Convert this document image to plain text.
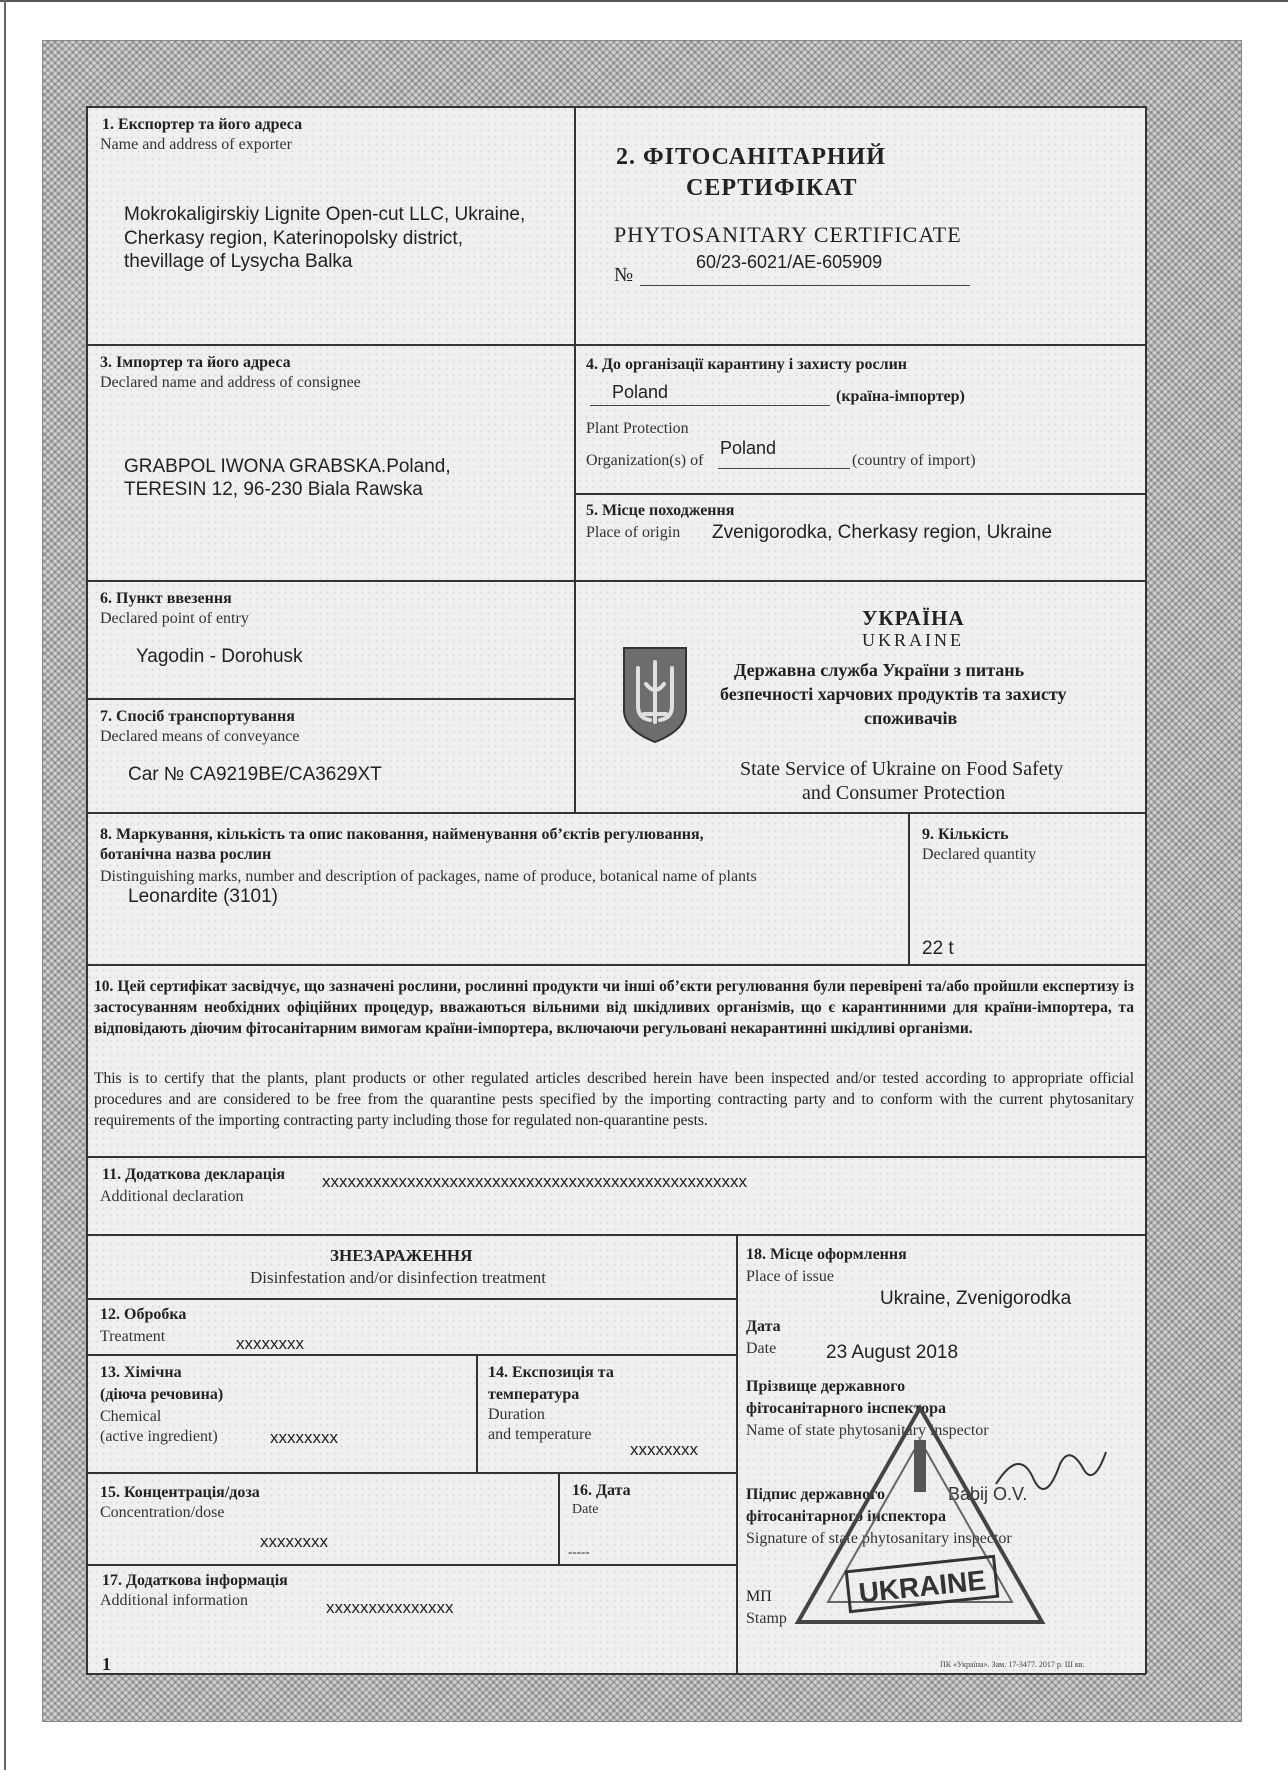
1. Експортер та його адреса
Name and address of exporter
Mokrokaligirskiy Lignite Open-cut LLC, Ukraine,
Cherkasy region, Katerinopolsky district,
thevillage of Lysycha Balka
2. ФІТОСАНІТАРНИЙ
СЕРТИФІКАТ
PHYTOSANITARY CERTIFICATE
№
60/23-6021/AE-605909
3. Імпортер та його адреса
Declared name and address of consignee
GRABPOL IWONA GRABSKA.Poland,
TERESIN 12, 96-230 Biala Rawska
4. До організації карантину і захисту рослин
Poland	(країна-імпортер)
Plant Protection
Organization(s) of
Poland
(country of import)
5. Місце походження
Place of origin Zvenigorodka, Cherkasy region, Ukraine
6. Пункт ввезення
Declared point of entry
Yagodin - Dorohusk
7. Спосіб транспортування
Declared means of conveyance
Car № CA9219BE/CA3629XT
УКРАЇНА
UKRAINE
Державна служба України з питань
безпечності харчових продуктів та захисту
споживачів
State Service of Ukraine on Food Safety
and Consumer Protection
8. Маркування, кількість та опис паковання, найменування об’єктів регулювання,
ботанічна назва рослин
Distinguishing marks, number and description of packages, name of produce, botanical name of plants
Leonardite (3101)
9. Кількість
Declared quantity
22 t
10. Цей сертифікат засвідчує, що зазначені рослини, рослинні продукти чи інші об’єкти регулювання були перевірені та/або пройшли експертизу із застосуванням необхідних офіційних процедур, вважаються вільними від шкідливих організмів, що є карантинними для країни-імпортера, та відповідають діючим фітосанітарним вимогам країни-імпортера, включаючи регульовані некарантинні шкідливі організми.
This is to certify that the plants, plant products or other regulated articles described herein have been inspected and/or tested according to appropriate official procedures and are considered to be free from the quarantine pests specified by the importing contracting party and to conform with the current phytosanitary requirements of the importing contracting party including those for regulated non-quarantine pests.
11. Додаткова декларація
Additional declaration
xxxxxxxxxxxxxxxxxxxxxxxxxxxxxxxxxxxxxxxxxxxxxxxxxx
ЗНЕЗАРАЖЕННЯ
Disinfestation and/or disinfection treatment
12. Обробка
Treatment	xxxxxxxx
13. Хімічна
(діюча речовина)
Chemical
(active ingredient)	xxxxxxxx
14. Експозиція та
температура
Duration
and temperature
xxxxxxxx
15. Концентрація/доза
Concentration/dose
xxxxxxxx
16. Дата
Date
-----
17. Додаткова інформація
Additional information	xxxxxxxxxxxxxxx
18. Місце оформлення
Place of issue
Ukraine, Zvenigorodka
Дата
Date	23 August 2018
Прізвище державного
фітосанітарного інспектора
Name of state phytosanitary inspector
Babij O.V.
Підпис державного
фітосанітарного інспектора
Signature of state phytosanitary inspector
МП
Stamp
UKRAINE
1	ПК «Україна». Зам. 17-3477. 2017 р. Ш кв.
